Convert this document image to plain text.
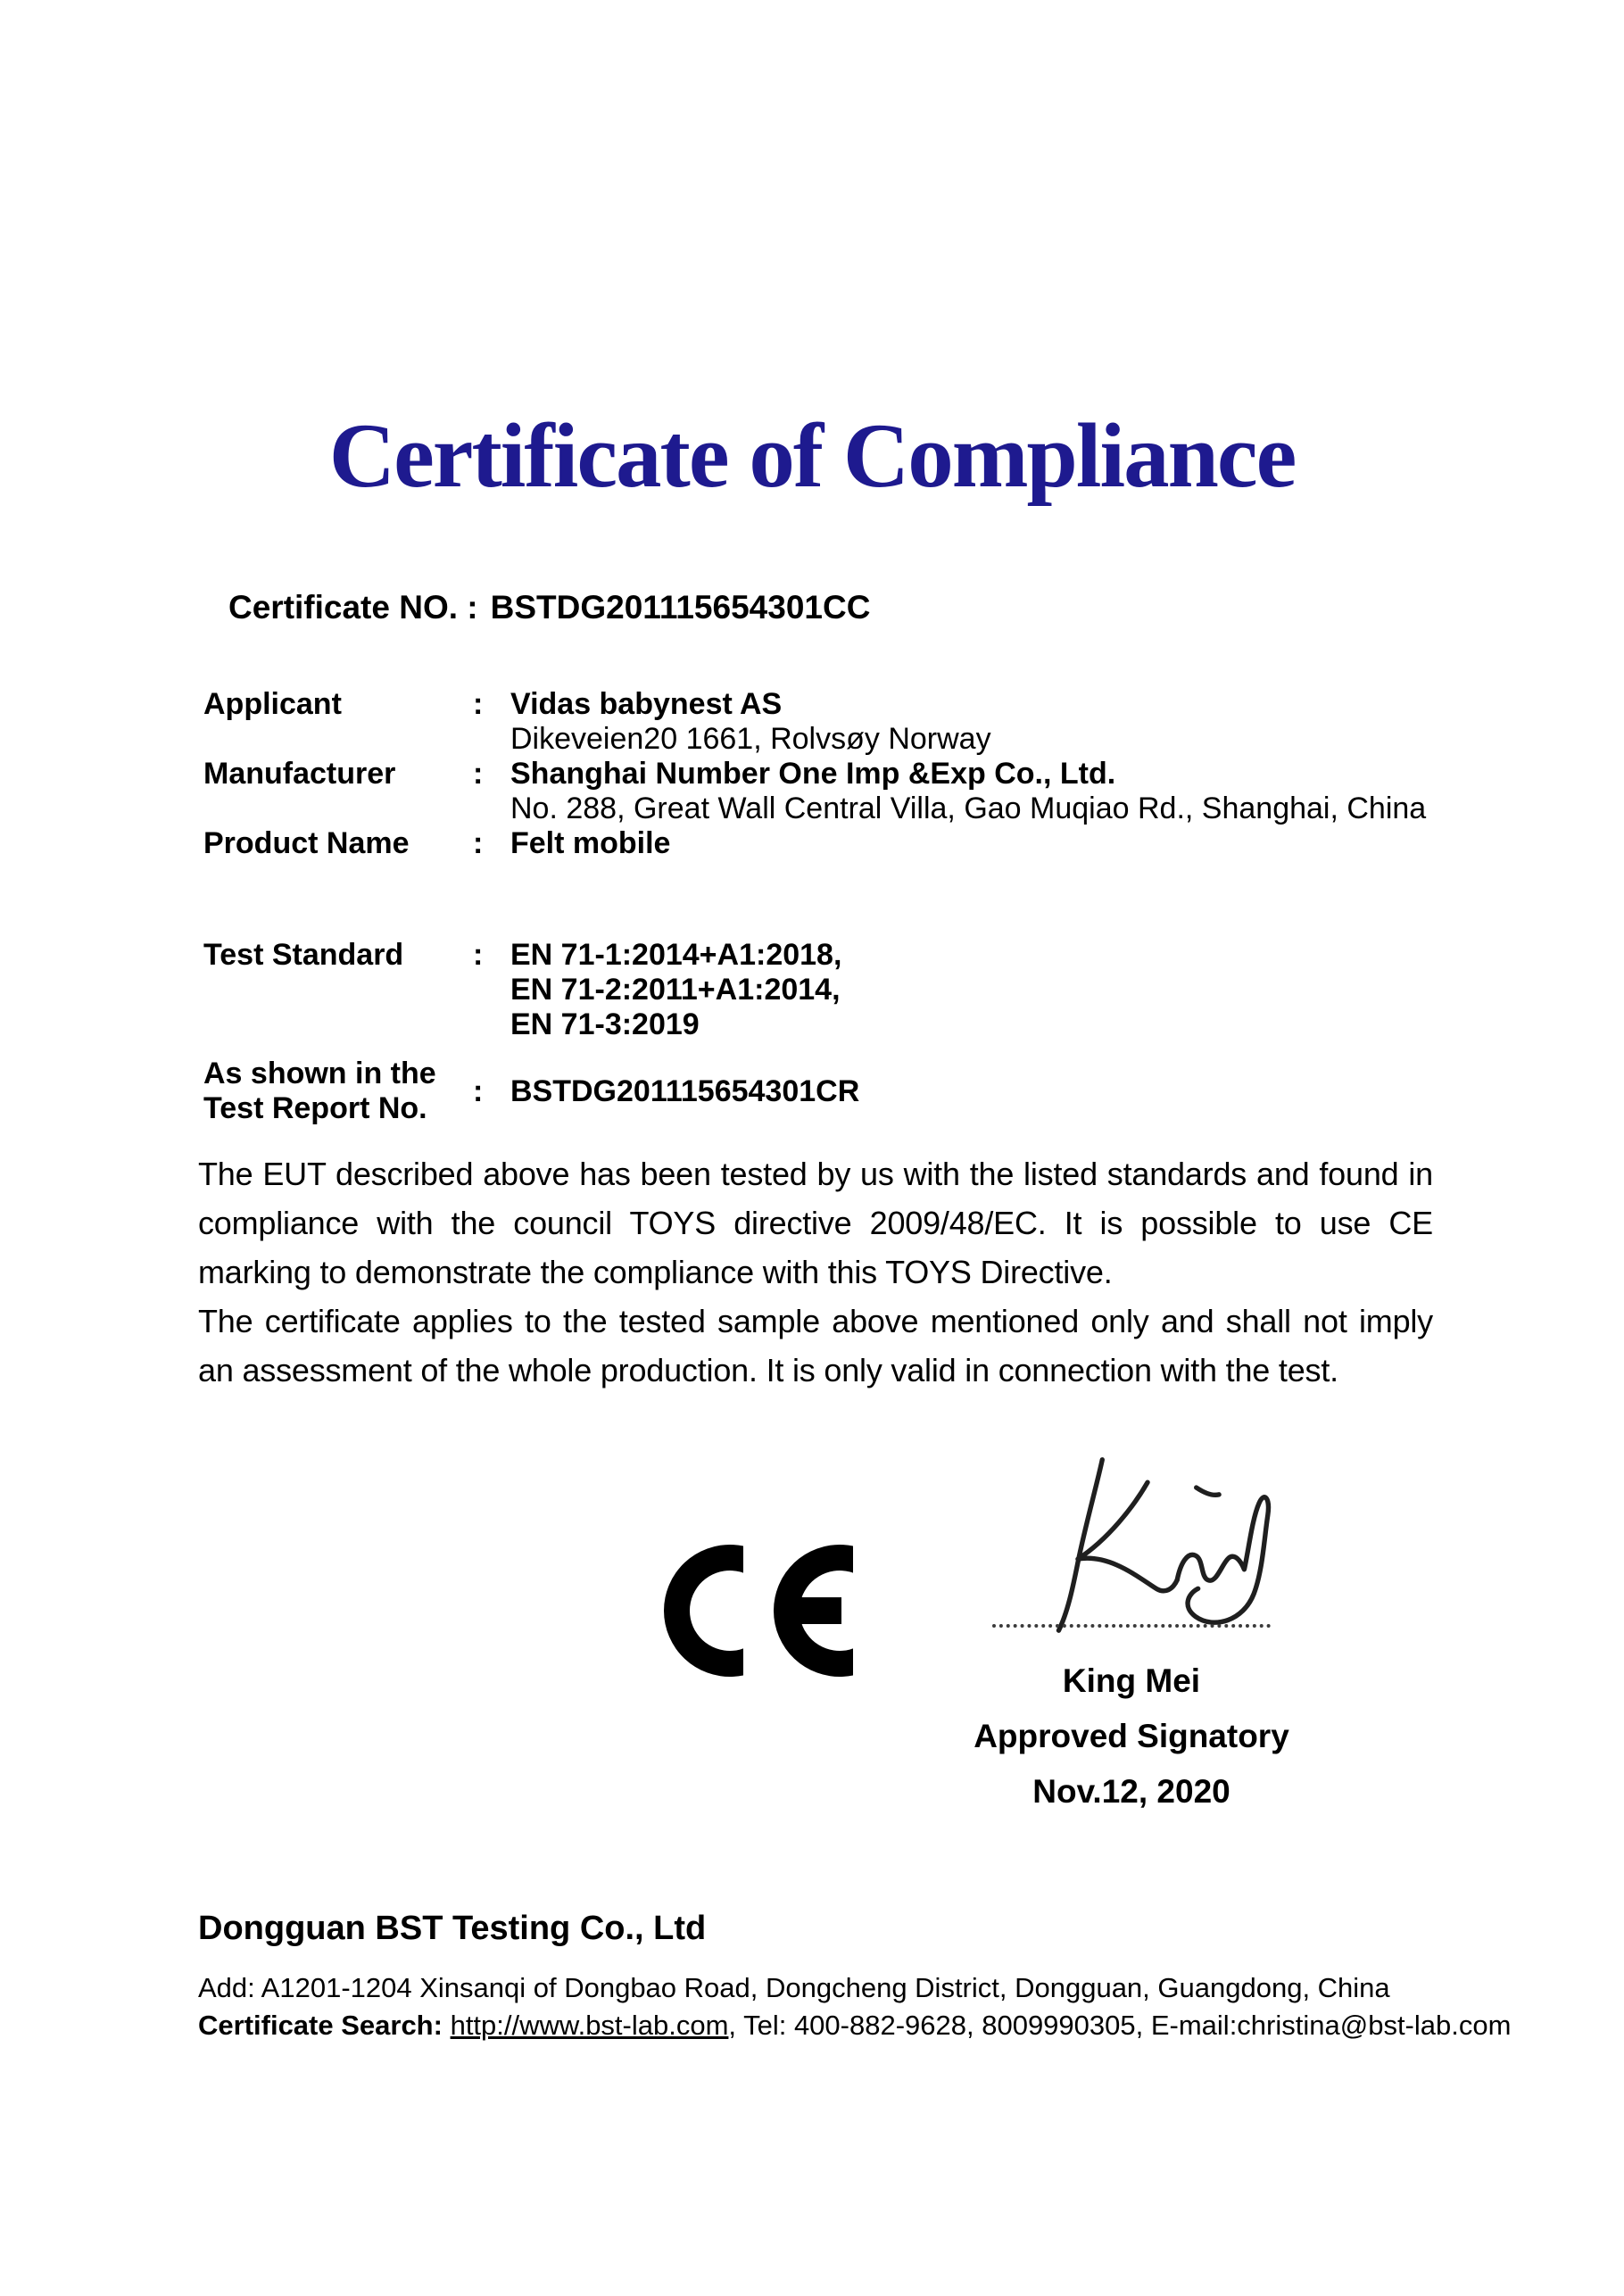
Certificate of Compliance
Certificate NO. : BSTDG201115654301CC
Applicant	: Vidas babynest AS
Dikeveien20 1661, Rolvsøy Norway
Manufacturer	: Shanghai Number One Imp &Exp Co., Ltd.
No. 288, Great Wall Central Villa, Gao Muqiao Rd., Shanghai, China
Product Name	: Felt mobile
Test Standard	: EN 71-1:2014+A1:2018,
EN 71-2:2011+A1:2014,
EN 71-3:2019
As shown in the
Test Report No.
: BSTDG201115654301CR

The EUT described above has been tested by us with the listed standards and found in compliance with the council TOYS directive 2009/48/EC. It is possible to use CE marking to demonstrate the compliance with this TOYS Directive.

The certificate applies to the tested sample above mentioned only and shall not imply an assessment of the whole production. It is only valid in connection with the test.

King Mei
Approved Signatory
Nov.12, 2020
Dongguan BST Testing Co., Ltd
Add: A1201-1204 Xinsanqi of Dongbao Road, Dongcheng District, Dongguan, Guangdong, China
Certificate Search: http://www.bst-lab.com, Tel: 400-882-9628, 8009990305, E-mail:christina@bst-lab.com
